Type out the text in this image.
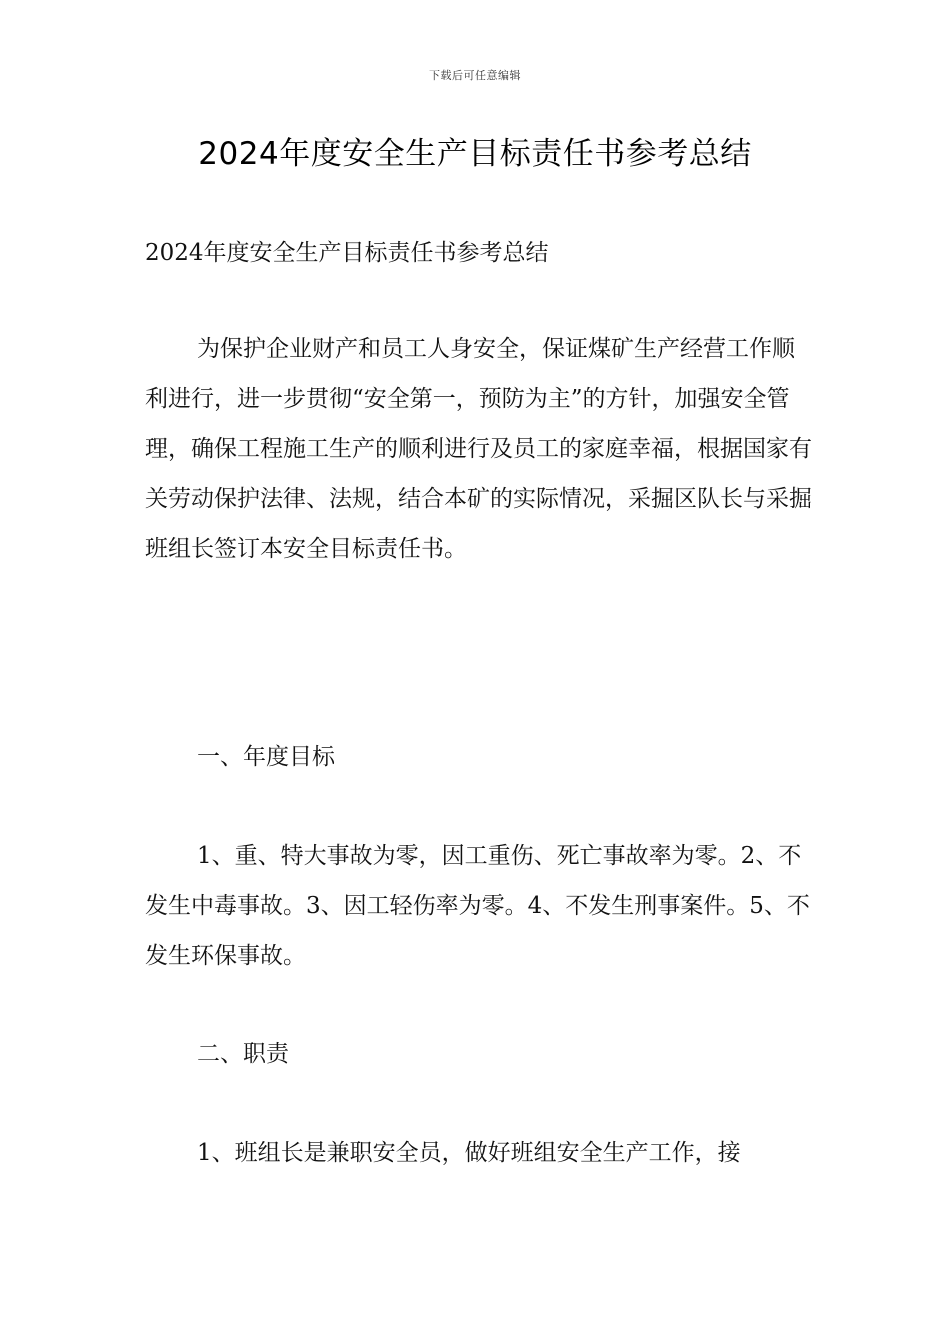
下载后可任意编辑
2024年度安全生产目标责任书参考总结

2024年度安全生产目标责任书参考总结

为保护企业财产和员工人身安全，保证煤矿生产经营工作顺利进行，进一步贯彻“安全第一，预防为主”的方针，加强安全管理，确保工程施工生产的顺利进行及员工的家庭幸福，根据国家有关劳动保护法律、法规，结合本矿的实际情况，采掘区队长与采掘班组长签订本安全目标责任书。

一、年度目标

1、重、特大事故为零，因工重伤、死亡事故率为零。2、不发生中毒事故。3、因工轻伤率为零。4、不发生刑事案件。5、不发生环保事故。

二、职责

1、班组长是兼职安全员，做好班组安全生产工作，接
